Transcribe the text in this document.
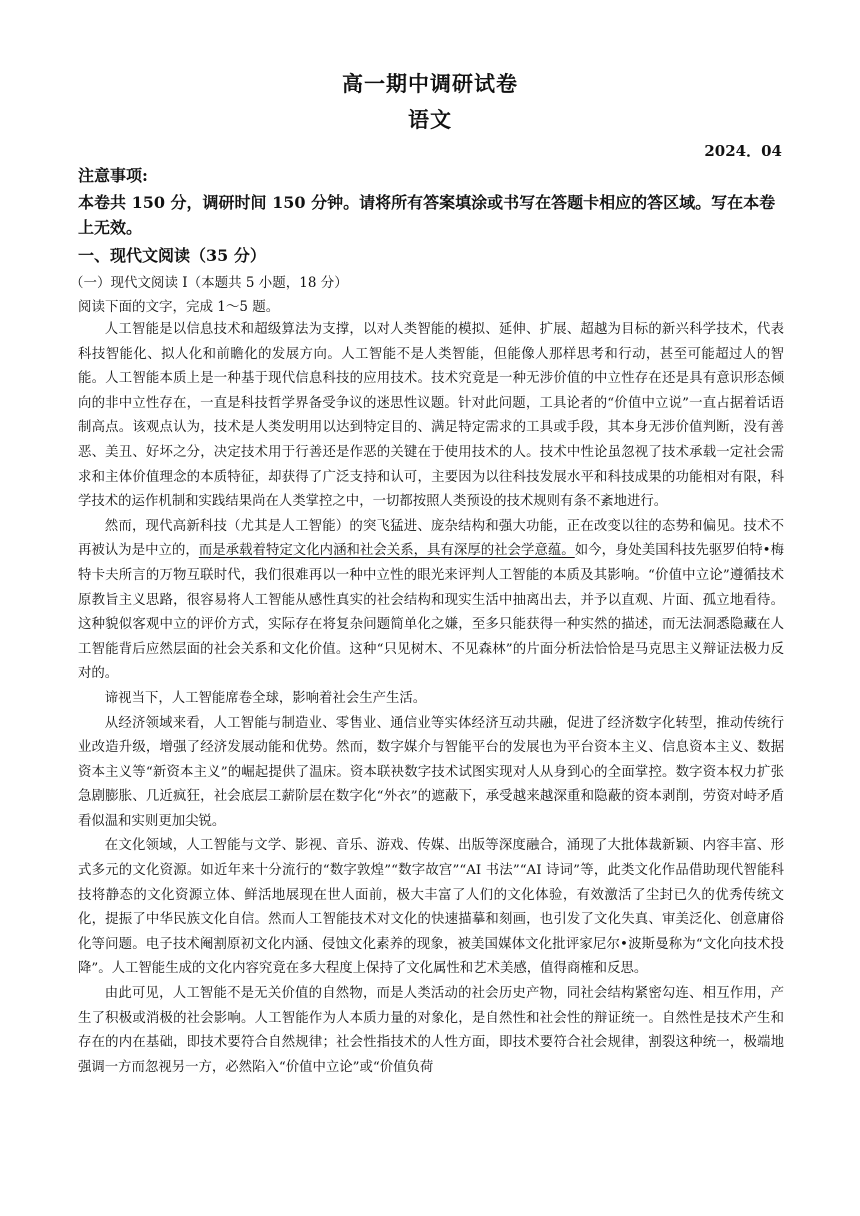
高一期中调研试卷
语文
2024．04
注意事项:
本卷共 150 分，调研时间 150 分钟。请将所有答案填涂或书写在答题卡相应的答区域。写在本卷上无效。
一、现代文阅读（35 分）
（一）现代文阅读 I（本题共 5 小题，18 分）
阅读下面的文字，完成 1～5 题。

人工智能是以信息技术和超级算法为支撑，以对人类智能的模拟、延伸、扩展、超越为目标的新兴科学技术，代表科技智能化、拟人化和前瞻化的发展方向。人工智能不是人类智能，但能像人那样思考和行动，甚至可能超过人的智能。人工智能本质上是一种基于现代信息科技的应用技术。技术究竟是一种无涉价值的中立性存在还是具有意识形态倾向的非中立性存在，一直是科技哲学界备受争议的迷思性议题。针对此问题，工具论者的“价值中立说”一直占据着话语制高点。该观点认为，技术是人类发明用以达到特定目的、满足特定需求的工具或手段，其本身无涉价值判断，没有善恶、美丑、好坏之分，决定技术用于行善还是作恶的关键在于使用技术的人。技术中性论虽忽视了技术承载一定社会需求和主体价值理念的本质特征，却获得了广泛支持和认可，主要因为以往科技发展水平和科技成果的功能相对有限，科学技术的运作机制和实践结果尚在人类掌控之中，一切都按照人类预设的技术规则有条不紊地进行。

然而，现代高新科技（尤其是人工智能）的突飞猛进、庞杂结构和强大功能，正在改变以往的态势和偏见。技术不再被认为是中立的，而是承载着特定文化内涵和社会关系，具有深厚的社会学意蕴。如今，身处美国科技先驱罗伯特•梅特卡夫所言的万物互联时代，我们很难再以一种中立性的眼光来评判人工智能的本质及其影响。“价值中立论”遵循技术原教旨主义思路，很容易将人工智能从感性真实的社会结构和现实生活中抽离出去，并予以直观、片面、孤立地看待。这种貌似客观中立的评价方式，实际存在将复杂问题简单化之嫌，至多只能获得一种实然的描述，而无法洞悉隐藏在人工智能背后应然层面的社会关系和文化价值。这种“只见树木、不见森林”的片面分析法恰恰是马克思主义辩证法极力反对的。

谛视当下，人工智能席卷全球，影响着社会生产生活。

从经济领域来看，人工智能与制造业、零售业、通信业等实体经济互动共融，促进了经济数字化转型，推动传统行业改造升级，增强了经济发展动能和优势。然而，数字媒介与智能平台的发展也为平台资本主义、信息资本主义、数据资本主义等“新资本主义”的崛起提供了温床。资本联袂数字技术试图实现对人从身到心的全面掌控。数字资本权力扩张急剧膨胀、几近疯狂，社会底层工薪阶层在数字化“外衣”的遮蔽下，承受越来越深重和隐蔽的资本剥削，劳资对峙矛盾看似温和实则更加尖锐。

在文化领域，人工智能与文学、影视、音乐、游戏、传媒、出版等深度融合，涌现了大批体裁新颖、内容丰富、形式多元的文化资源。如近年来十分流行的“数字敦煌”“数字故宫”“AI 书法”“AI 诗词”等，此类文化作品借助现代智能科技将静态的文化资源立体、鲜活地展现在世人面前，极大丰富了人们的文化体验，有效激活了尘封已久的优秀传统文化，提振了中华民族文化自信。然而人工智能技术对文化的快速描摹和刻画，也引发了文化失真、审美泛化、创意庸俗化等问题。电子技术阉割原初文化内涵、侵蚀文化素养的现象，被美国媒体文化批评家尼尔•波斯曼称为“文化向技术投降”。人工智能生成的文化内容究竟在多大程度上保持了文化属性和艺术美感，值得商榷和反思。

由此可见，人工智能不是无关价值的自然物，而是人类活动的社会历史产物，同社会结构紧密勾连、相互作用，产生了积极或消极的社会影响。人工智能作为人本质力量的对象化，是自然性和社会性的辩证统一。自然性是技术产生和存在的内在基础，即技术要符合自然规律；社会性指技术的人性方面，即技术要符合社会规律，割裂这种统一，极端地强调一方而忽视另一方，必然陷入“价值中立论”或“价值负荷
